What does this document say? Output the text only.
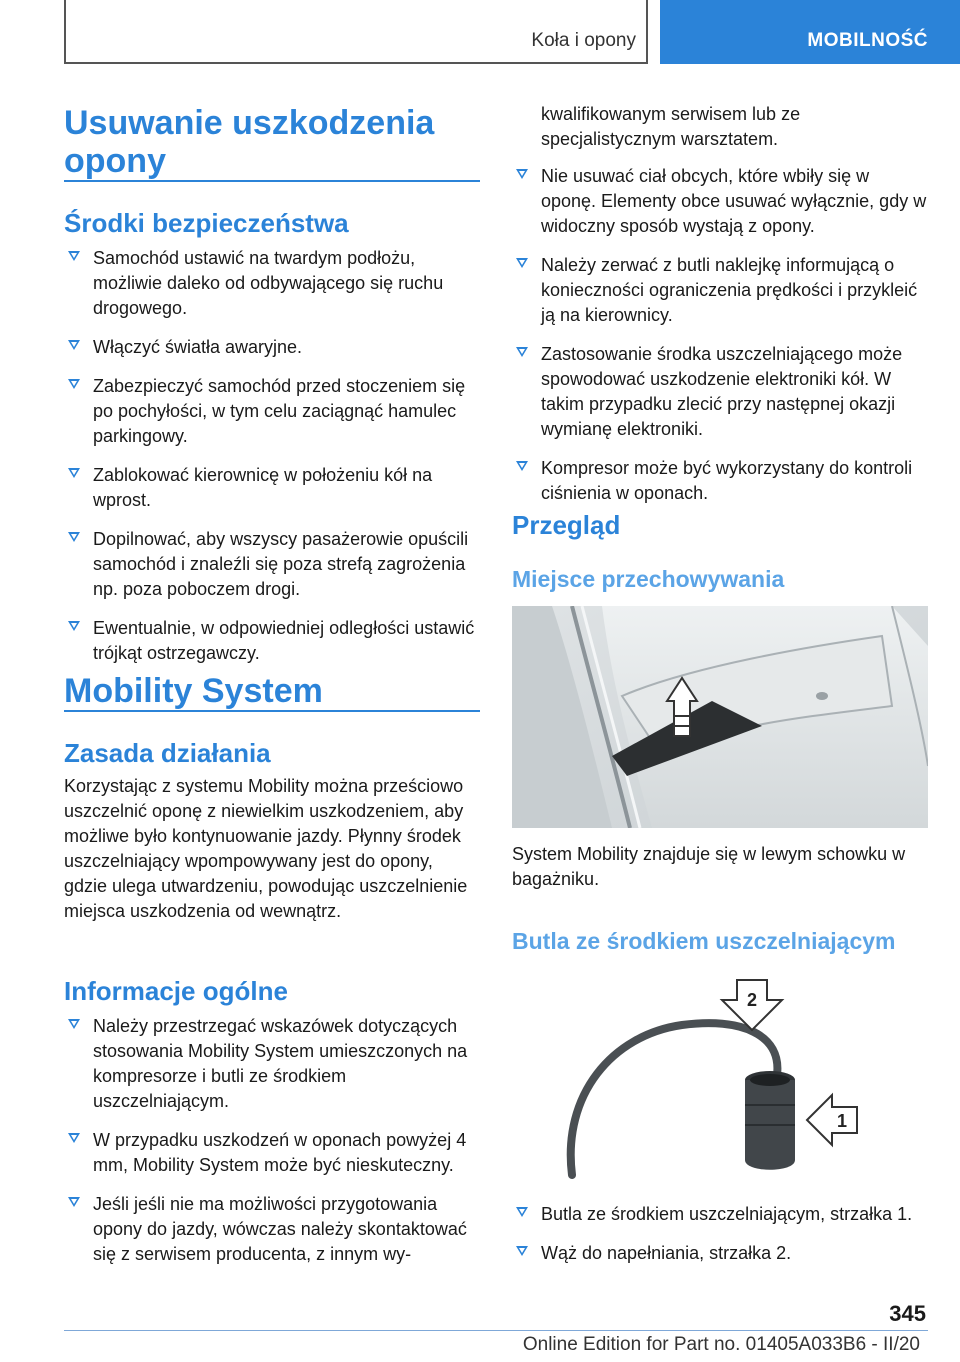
Koła i opony	MOBILNOŚĆ
Usuwanie uszkodzenia opony
Środki bezpieczeństwa
Samochód ustawić na twardym podłożu, możliwie daleko od odbywającego się ruchu drogowego.
Włączyć światła awaryjne.
Zabezpieczyć samochód przed stoczeniem się po pochyłości, w tym celu zaciągnąć hamulec parkingowy.
Zablokować kierownicę w położeniu kół na wprost.
Dopilnować, aby wszyscy pasażerowie opuścili samochód i znaleźli się poza strefą zagrożenia np. poza poboczem drogi.
Ewentualnie, w odpowiedniej odległości ustawić trójkąt ostrzegawczy.
Mobility System
Zasada działania

Korzystając z systemu Mobility można prześciowo uszczelnić oponę z niewielkim uszkodzeniem, aby możliwe było kontynuowanie jazdy. Płynny środek uszczelniający wpompowywany jest do opony, gdzie ulega utwardzeniu, powodując uszczelnienie miejsca uszkodzenia od wewnątrz.

Informacje ogólne
Należy przestrzegać wskazówek dotyczących stosowania Mobility System umieszczonych na kompresorze i butli ze środkiem uszczelniającym.
W przypadku uszkodzeń w oponach powyżej 4 mm, Mobility System może być nieskuteczny.
Jeśli jeśli nie ma możliwości przygotowania opony do jazdy, wówczas należy skontaktować się z serwisem producenta, z innym wy-

kwalifikowanym serwisem lub ze specjalistycznym warsztatem.

Nie usuwać ciał obcych, które wbiły się w oponę. Elementy obce usuwać wyłącznie, gdy w widoczny sposób wystają z opony.
Należy zerwać z butli naklejkę informującą o konieczności ograniczenia prędkości i przykleić ją na kierownicy.
Zastosowanie środka uszczelniającego może spowodować uszkodzenie elektroniki kół. W takim przypadku zlecić przy następnej okazji wymianę elektroniki.
Kompresor może być wykorzystany do kontroli ciśnienia w oponach.
Przegląd
Miejsce przechowywania

System Mobility znajduje się w lewym schowku w bagażniku.

Butla ze środkiem uszczelniającym
2
1
Butla ze środkiem uszczelniającym, strzałka 1.
Wąż do napełniania, strzałka 2.
345
Online Edition for Part no. 01405A033B6 - II/20
